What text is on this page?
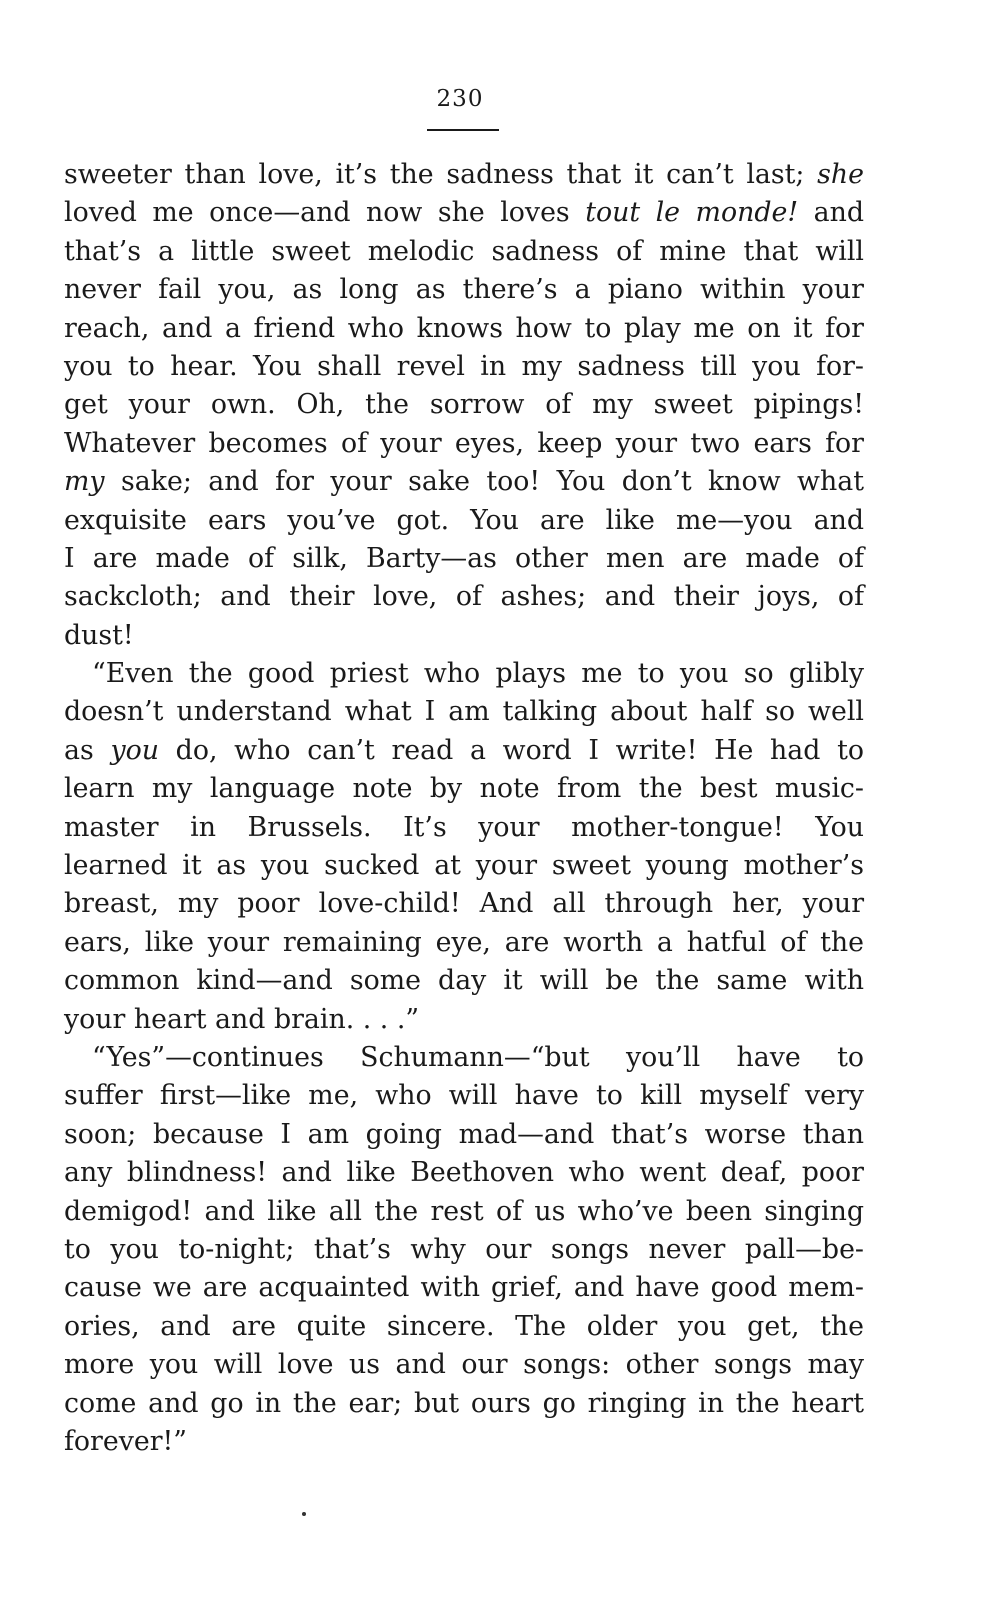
230
sweeter than love, it’s the sadness that it can’t last; she
loved me once—and now she loves tout le monde! and
that’s a little sweet melodic sadness of mine that will
never fail you, as long as there’s a piano within your
reach, and a friend who knows how to play me on it for
you to hear. You shall revel in my sadness till you for-
get your own. Oh, the sorrow of my sweet pipings!
Whatever becomes of your eyes, keep your two ears for
my sake; and for your sake too! You don’t know what
exquisite ears you’ve got. You are like me—you and
I are made of silk, Barty—as other men are made of
sackcloth; and their love, of ashes; and their joys, of
dust!
“Even the good priest who plays me to you so glibly
doesn’t understand what I am talking about half so well
as you do, who can’t read a word I write! He had to
learn my language note by note from the best music-
master in Brussels. It’s your mother-tongue! You
learned it as you sucked at your sweet young mother’s
breast, my poor love-child! And all through her, your
ears, like your remaining eye, are worth a hatful of the
common kind—and some day it will be the same with
your heart and brain. . . .”
“Yes”—continues Schumann—“but you’ll have to
suffer first—like me, who will have to kill myself very
soon; because I am going mad—and that’s worse than
any blindness! and like Beethoven who went deaf, poor
demigod! and like all the rest of us who’ve been singing
to you to-night; that’s why our songs never pall—be-
cause we are acquainted with grief, and have good mem-
ories, and are quite sincere. The older you get, the
more you will love us and our songs: other songs may
come and go in the ear; but ours go ringing in the heart
forever!”
